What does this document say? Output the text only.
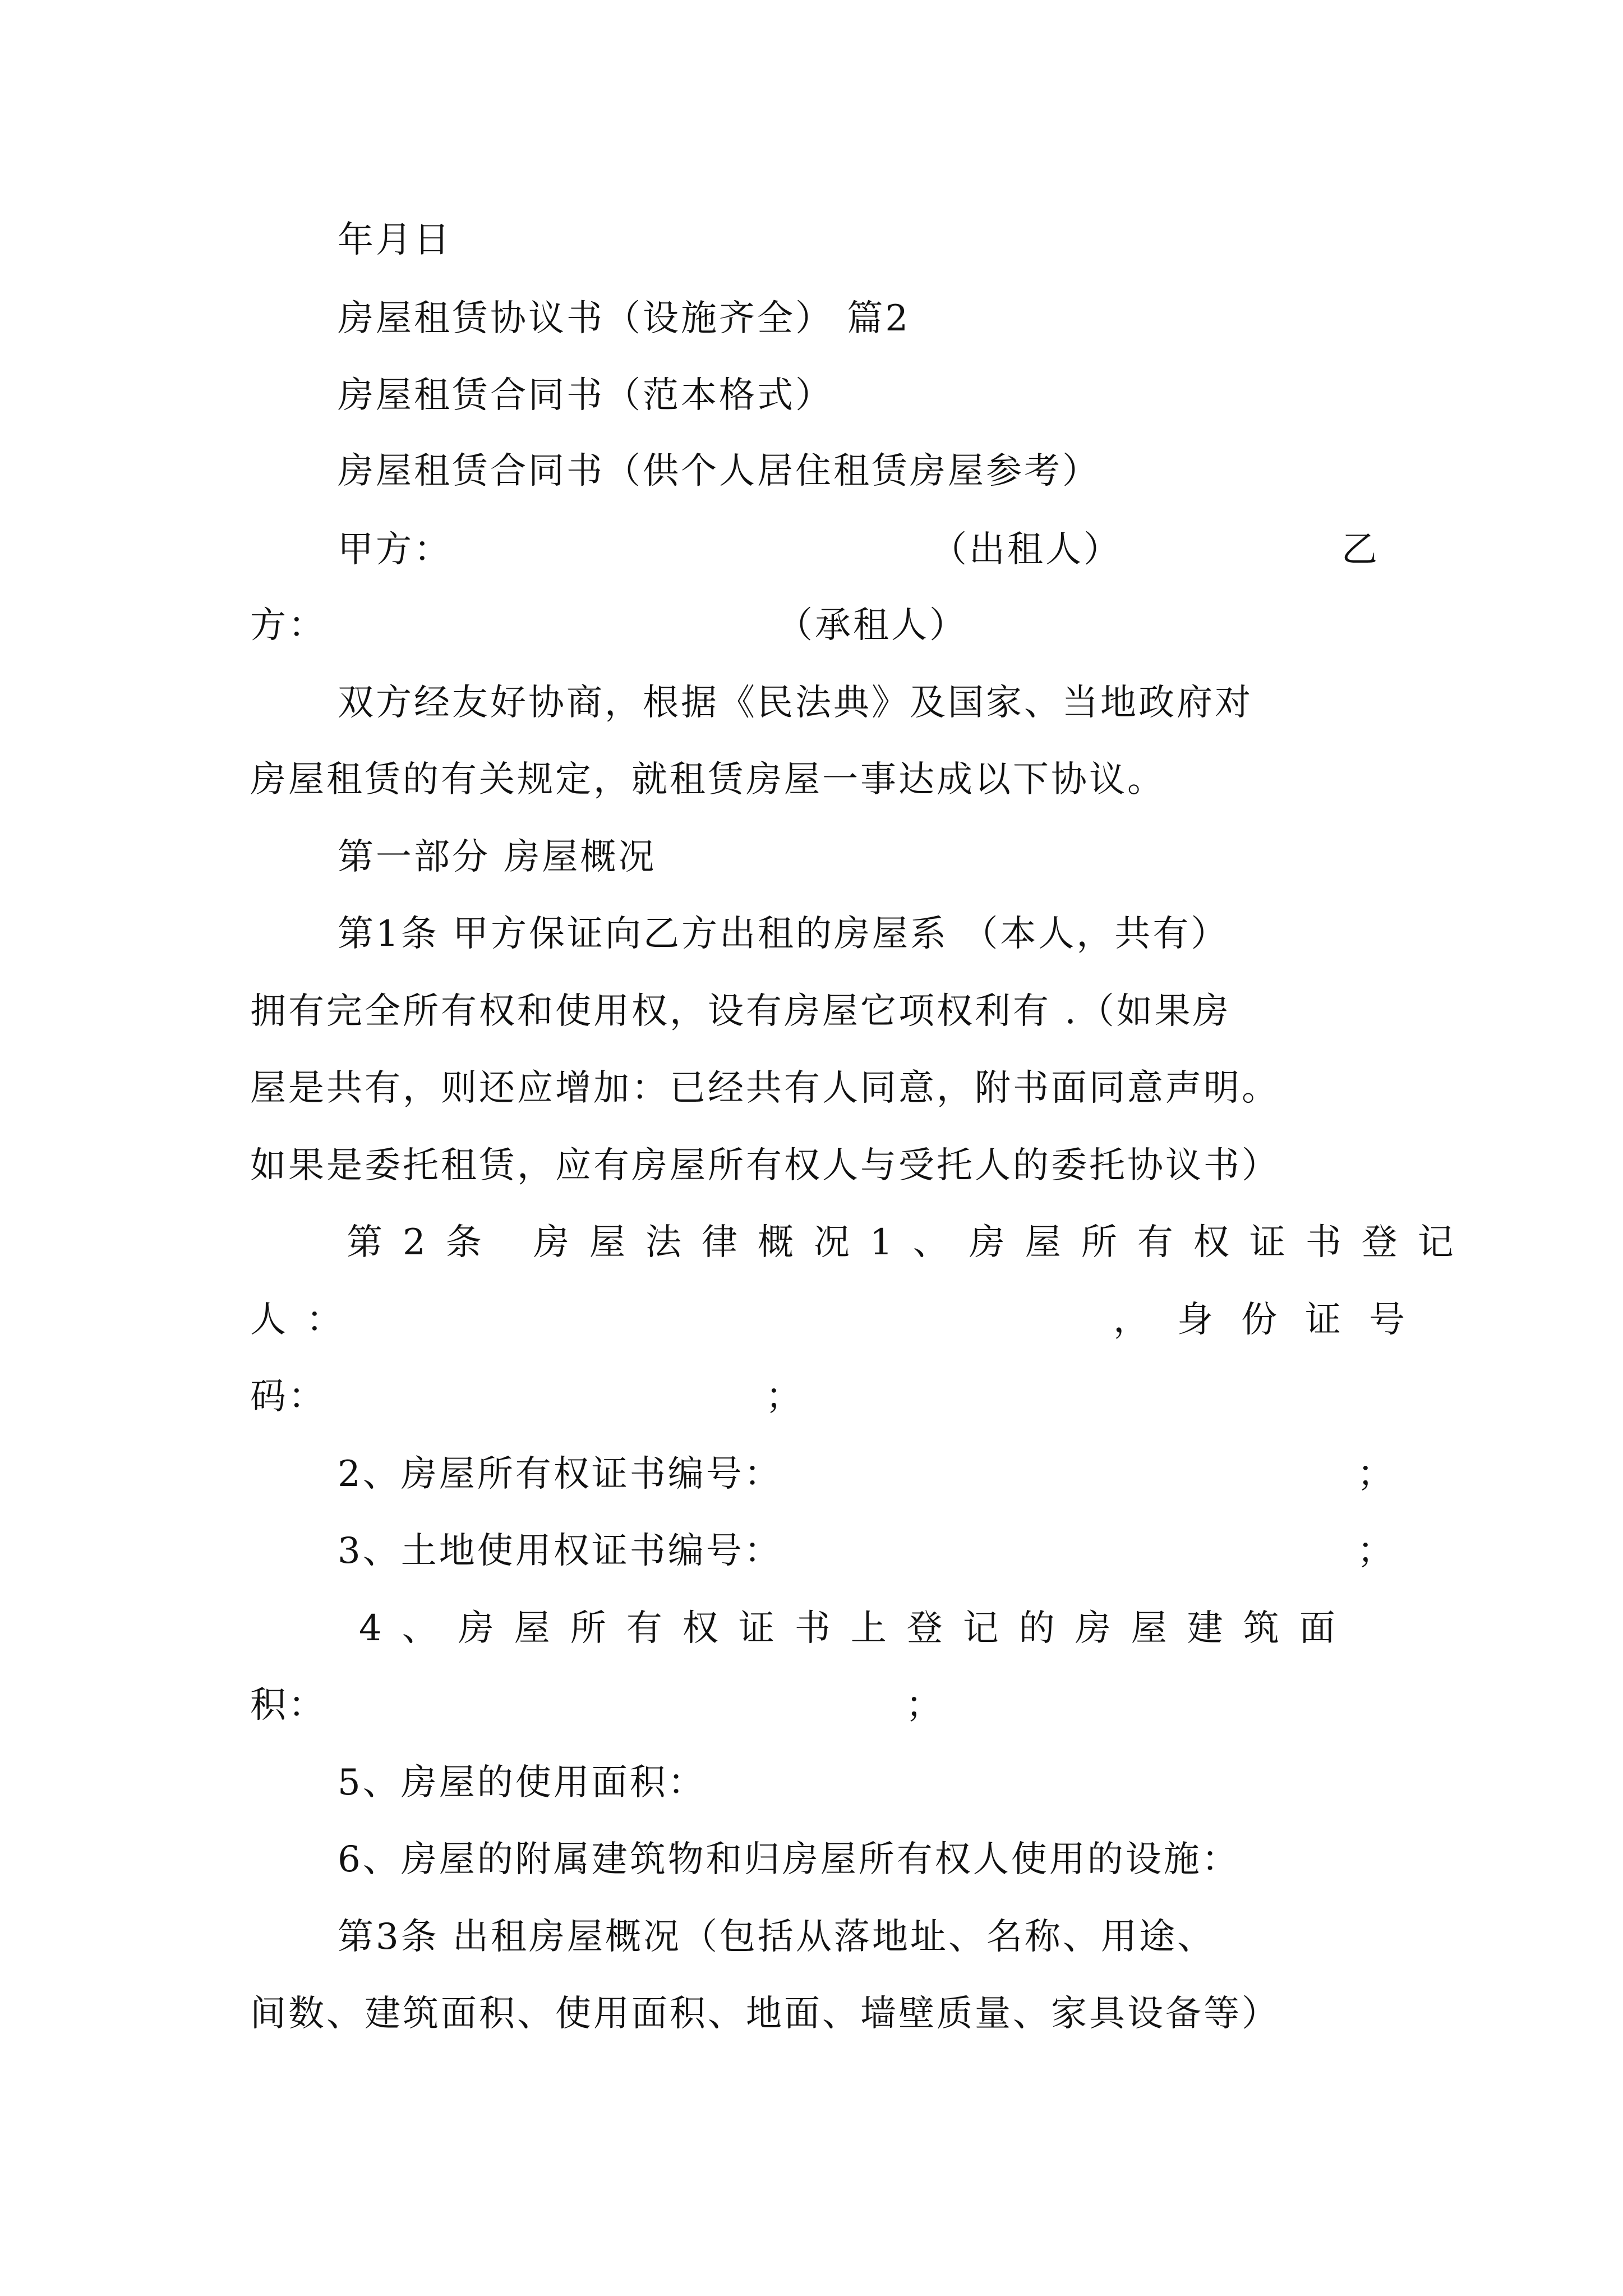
年月日
房屋租赁协议书（设施齐全） 篇2
房屋租赁合同书（范本格式）
房屋租赁合同书（供个人居住租赁房屋参考）
甲方：	（出租人）	乙
方：	（承租人）
双方经友好协商，根据《民法典》及国家、当地政府对
房屋租赁的有关规定，就租赁房屋一事达成以下协议。
第一部分 房屋概况
第1条 甲方保证向乙方出租的房屋系 （本人，共有）
拥有完全所有权和使用权，设有房屋它项权利有 .（如果房
屋是共有，则还应增加：已经共有人同意，附书面同意声明。
如果是委托租赁，应有房屋所有权人与受托人的委托协议书）
第2条 房屋法律概况1、房屋所有权证书登记
人：	，身份证号
码：	；
2、房屋所有权证书编号：	；
3、土地使用权证书编号：	；
4、房屋所有权证书上登记的房屋建筑面
积：	；
5、房屋的使用面积：
6、房屋的附属建筑物和归房屋所有权人使用的设施：
第3条 出租房屋概况（包括从落地址、名称、用途、
间数、建筑面积、使用面积、地面、墙壁质量、家具设备等）
